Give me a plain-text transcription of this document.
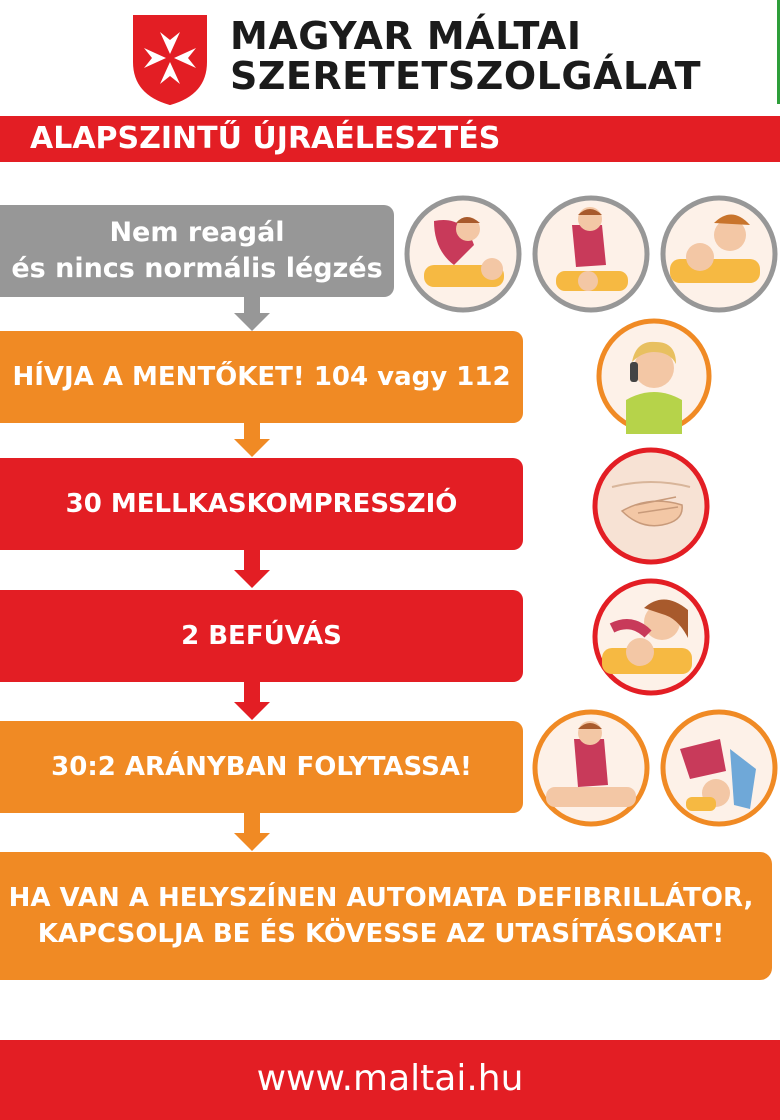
MAGYAR MÁLTAI
SZERETETSZOLGÁLAT
ALAPSZINTŰ ÚJRAÉLESZTÉS
Nem reagál
és nincs normális légzés
HÍVJA A MENTŐKET! 104 vagy 112
30 MELLKASKOMPRESSZIÓ
2 BEFÚVÁS
30:2 ARÁNYBAN FOLYTASSA!
HA VAN A HELYSZÍNEN AUTOMATA DEFIBRILLÁTOR,
KAPCSOLJA BE ÉS KÖVESSE AZ UTASÍTÁSOKAT!
www.maltai.hu
